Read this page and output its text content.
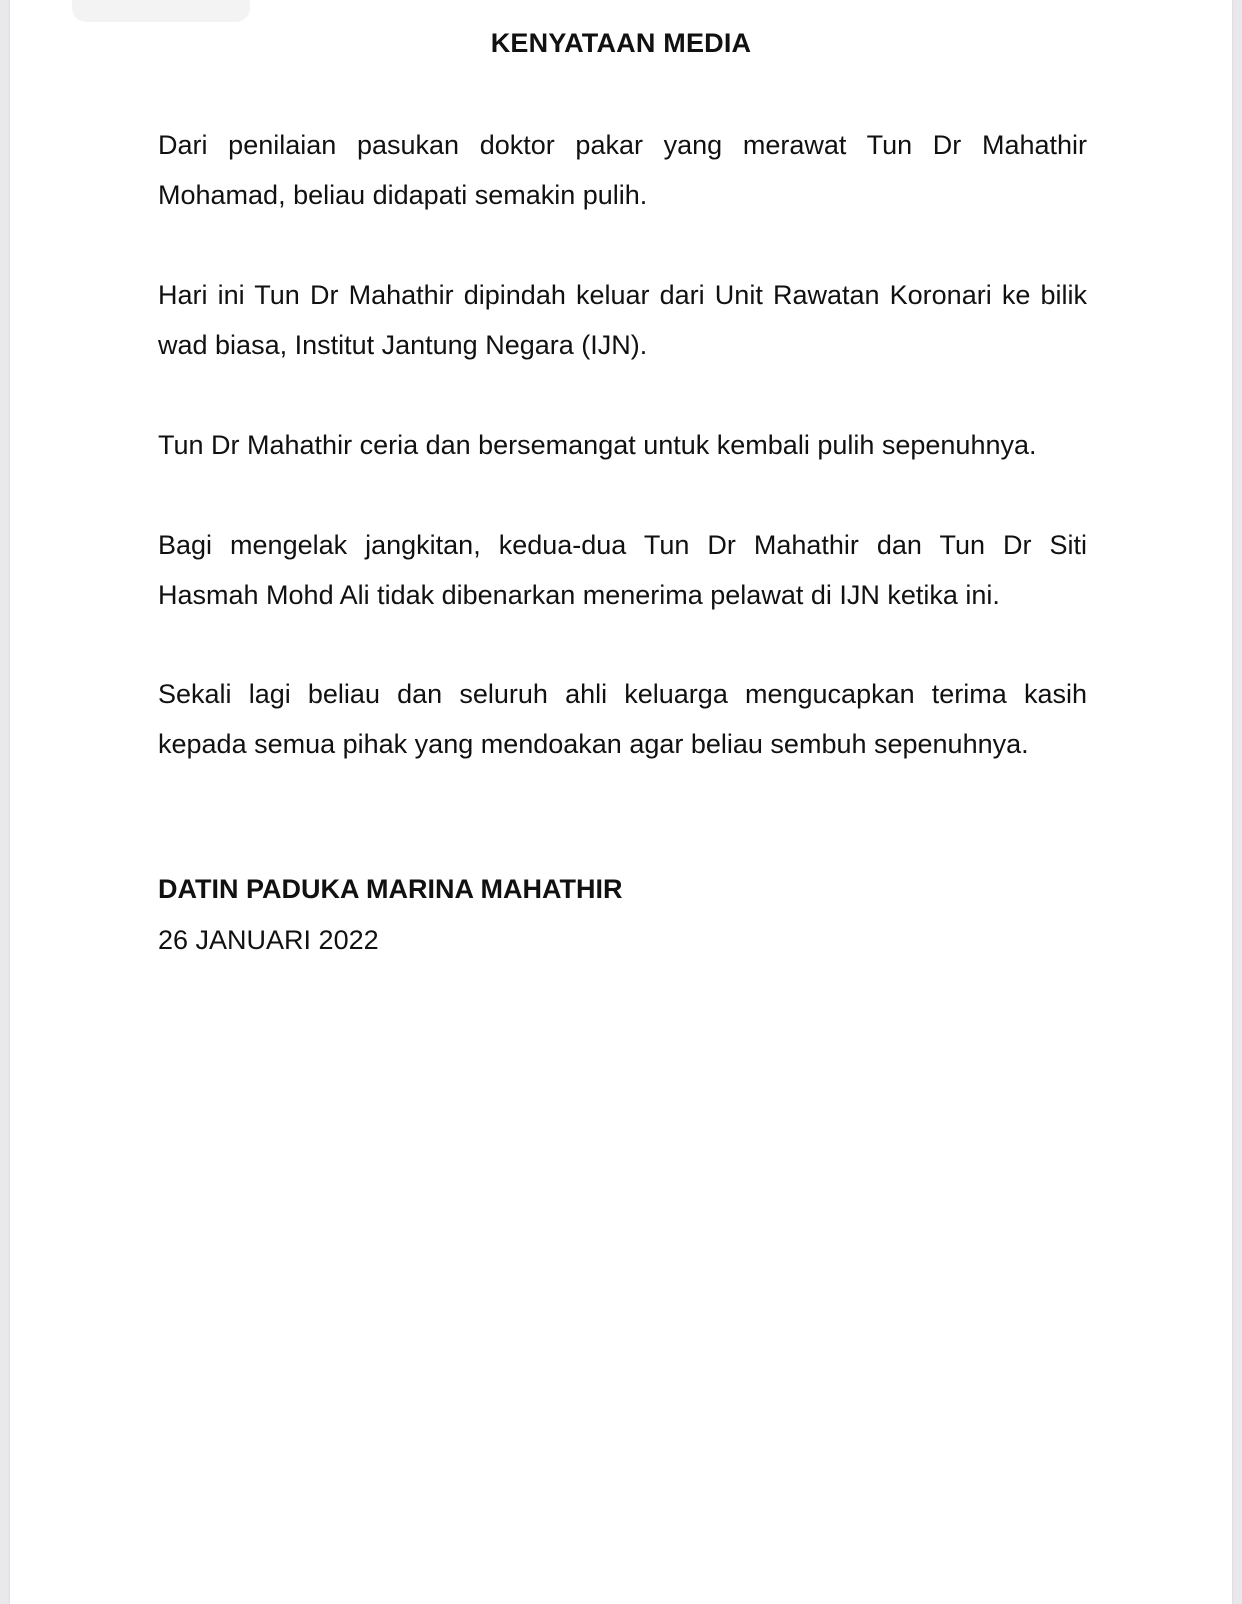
KENYATAAN MEDIA
Dari penilaian pasukan doktor pakar yang merawat Tun Dr Mahathir Mohamad, beliau didapati semakin pulih.
Hari ini Tun Dr Mahathir dipindah keluar dari Unit Rawatan Koronari ke bilik wad biasa, Institut Jantung Negara (IJN).
Tun Dr Mahathir ceria dan bersemangat untuk kembali pulih sepenuhnya.
Bagi mengelak jangkitan, kedua-dua Tun Dr Mahathir dan Tun Dr Siti Hasmah Mohd Ali tidak dibenarkan menerima pelawat di IJN ketika ini.
Sekali lagi beliau dan seluruh ahli keluarga mengucapkan terima kasih kepada semua pihak yang mendoakan agar beliau sembuh sepenuhnya.
DATIN PADUKA MARINA MAHATHIR
26 JANUARI 2022
